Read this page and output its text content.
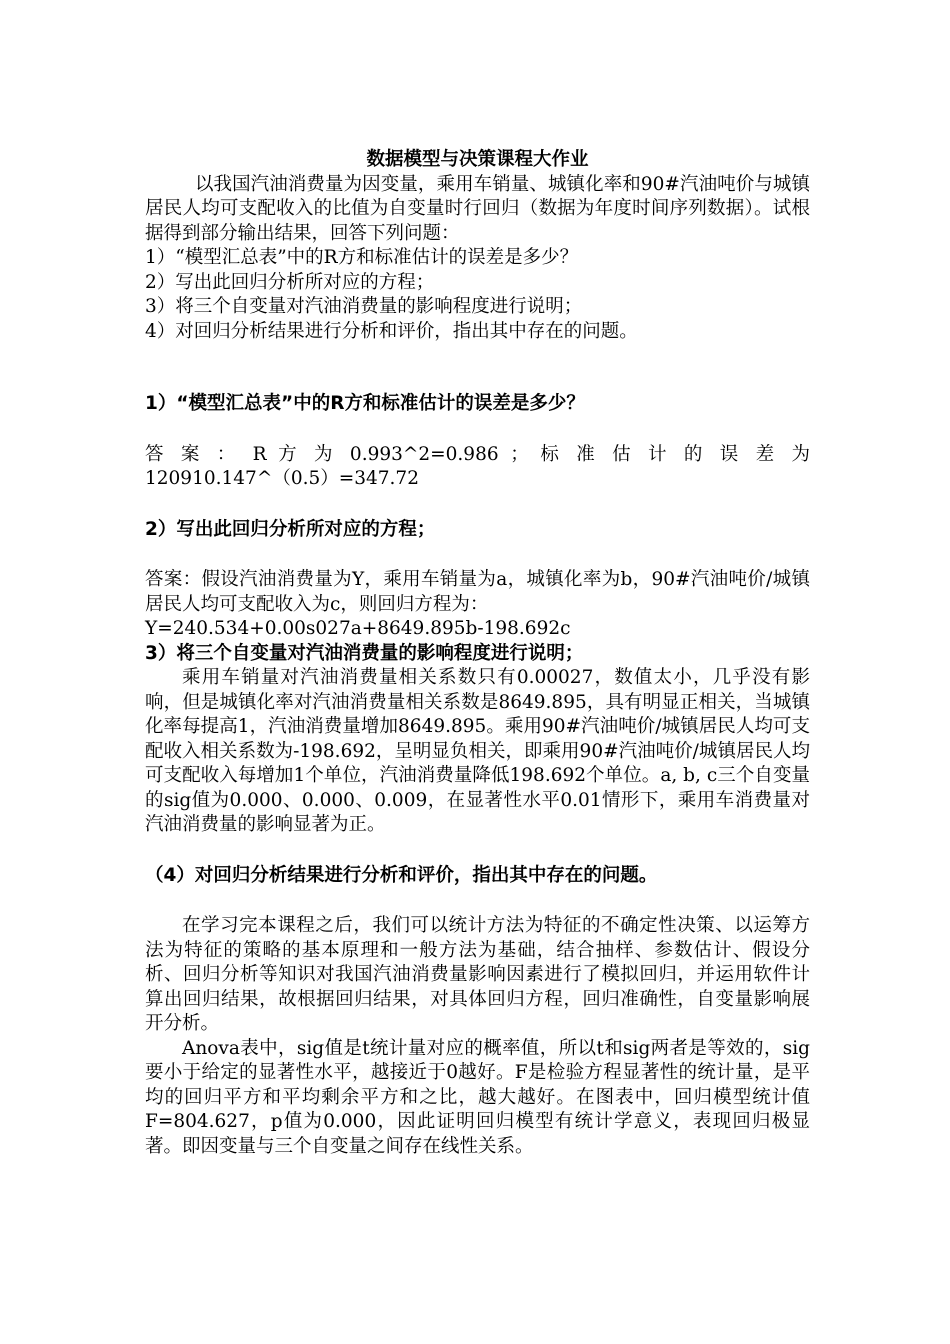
数据模型与决策课程大作业

以我国汽油消费量为因变量，乘用车销量、城镇化率和90#汽油吨价与城镇居民人均可支配收入的比值为自变量时行回归（数据为年度时间序列数据）。试根据得到部分输出结果，回答下列问题：

1）“模型汇总表”中的R方和标准估计的误差是多少？

2）写出此回归分析所对应的方程；

3）将三个自变量对汽油消费量的影响程度进行说明；

4）对回归分析结果进行分析和评价，指出其中存在的问题。

1）“模型汇总表”中的R方和标准估计的误差是多少？

答 案 ： R 方 为 0.993^2=0.986 ； 标 准 估 计 的 误 差 为

120910.147^（0.5）=347.72

2）写出此回归分析所对应的方程；

答案：假设汽油消费量为Y，乘用车销量为a，城镇化率为b，90#汽油吨价/城镇居民人均可支配收入为c，则回归方程为：

Y=240.534+0.00s027a+8649.895b-198.692c

3）将三个自变量对汽油消费量的影响程度进行说明；

乘用车销量对汽油消费量相关系数只有0.00027，数值太小，几乎没有影响，但是城镇化率对汽油消费量相关系数是8649.895，具有明显正相关，当城镇化率每提高1，汽油消费量增加8649.895。乘用90#汽油吨价/城镇居民人均可支配收入相关系数为-198.692，呈明显负相关，即乘用90#汽油吨价/城镇居民人均可支配收入每增加1个单位，汽油消费量降低198.692个单位。a, b, c三个自变量的sig值为0.000、0.000、0.009，在显著性水平0.01情形下，乘用车消费量对汽油消费量的影响显著为正。

（4）对回归分析结果进行分析和评价，指出其中存在的问题。

在学习完本课程之后，我们可以统计方法为特征的不确定性决策、以运筹方法为特征的策略的基本原理和一般方法为基础，结合抽样、参数估计、假设分析、回归分析等知识对我国汽油消费量影响因素进行了模拟回归，并运用软件计算出回归结果，故根据回归结果，对具体回归方程，回归准确性，自变量影响展开分析。

Anova表中，sig值是t统计量对应的概率值，所以t和sig两者是等效的，sig要小于给定的显著性水平，越接近于0越好。F是检验方程显著性的统计量，是平均的回归平方和平均剩余平方和之比，越大越好。在图表中，回归模型统计值F=804.627，p值为0.000，因此证明回归模型有统计学意义，表现回归极显著。即因变量与三个自变量之间存在线性关系。
